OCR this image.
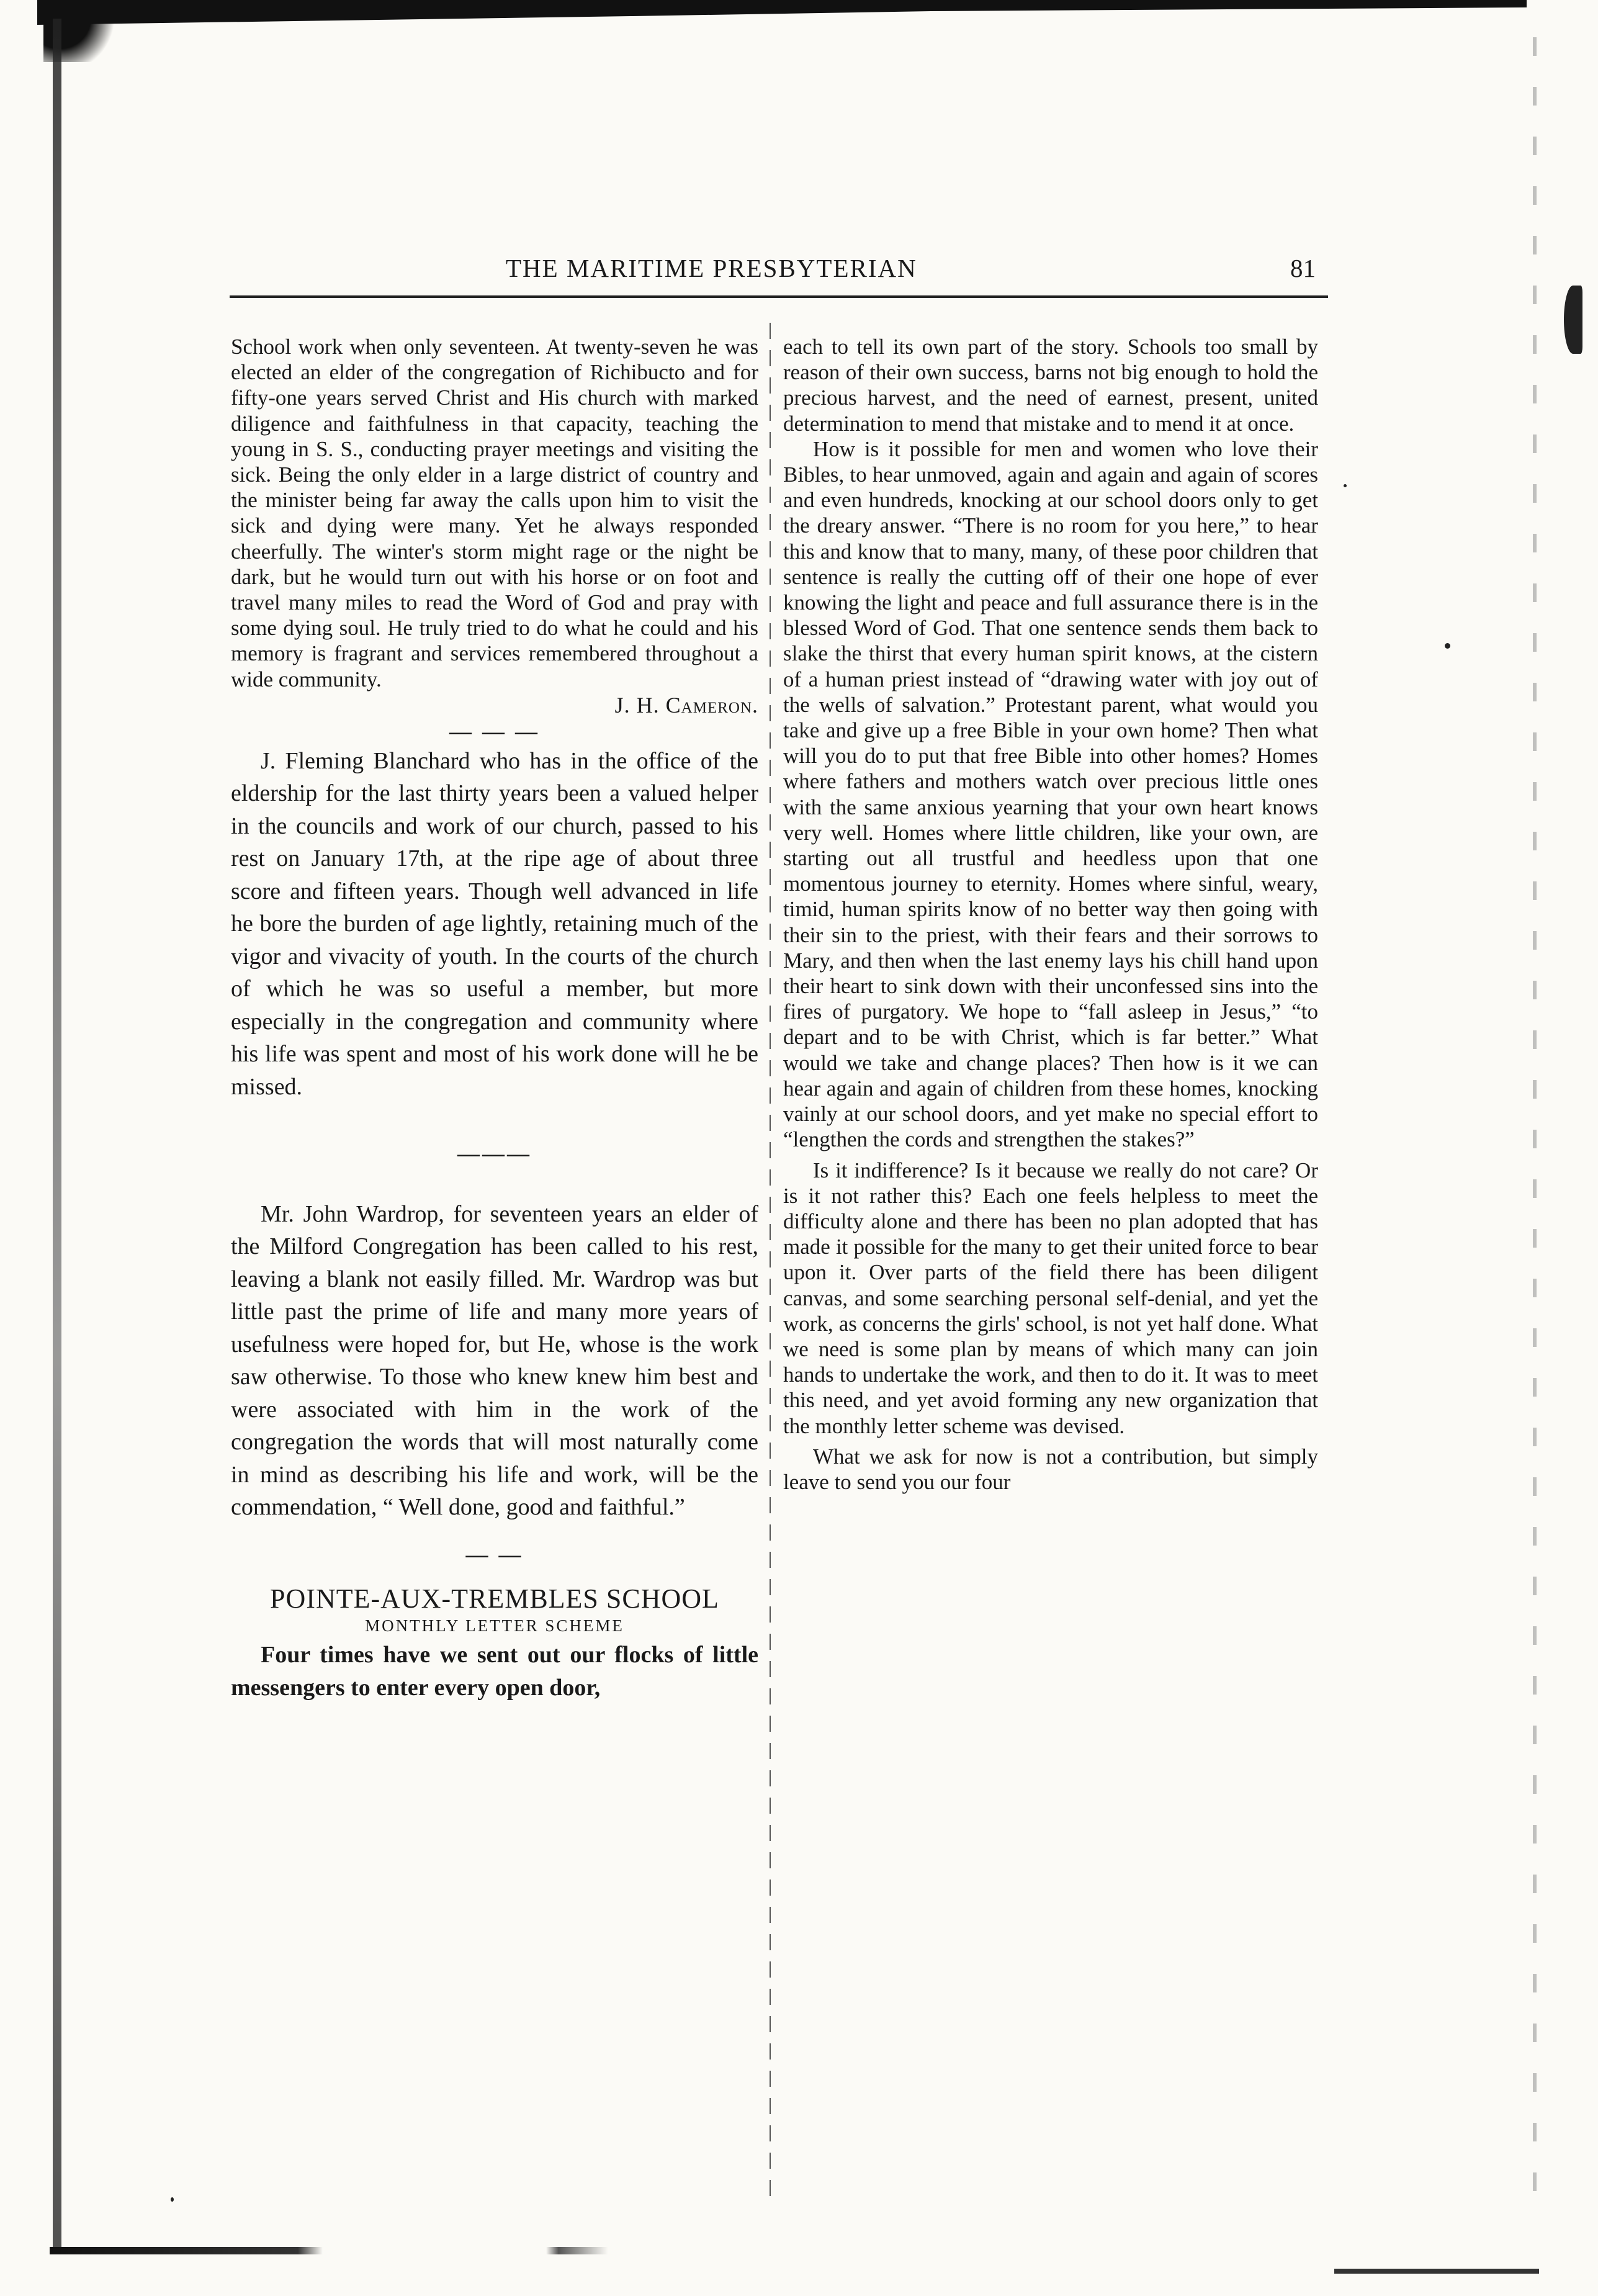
THE MARITIME PRESBYTERIAN	81

School work when only seventeen. At twenty-seven he was elected an elder of the congregation of Richibucto and for fifty-one years served Christ and His church with marked diligence and faithfulness in that capacity, teaching the young in S. S., conducting prayer meetings and visiting the sick. Being the only elder in a large district of country and the minister being far away the calls upon him to visit the sick and dying were many. Yet he always responded cheerfully. The winter's storm might rage or the night be dark, but he would turn out with his horse or on foot and travel many miles to read the Word of God and pray with some dying soul. He truly tried to do what he could and his memory is fragrant and services remembered throughout a wide community.

J. H. Cameron.

— — —

J. Fleming Blanchard who has in the office of the eldership for the last thirty years been a valued helper in the councils and work of our church, passed to his rest on January 17th, at the ripe age of about three score and fifteen years. Though well advanced in life he bore the burden of age lightly, retaining much of the vigor and vivacity of youth. In the courts of the church of which he was so useful a member, but more especially in the congregation and community where his life was spent and most of his work done will he be missed.

———

Mr. John Wardrop, for seventeen years an elder of the Milford Congregation has been called to his rest, leaving a blank not easily filled. Mr. Wardrop was but little past the prime of life and many more years of usefulness were hoped for, but He, whose is the work saw otherwise. To those who knew knew him best and were associated with him in the work of the congregation the words that will most naturally come in mind as describing his life and work, will be the commendation, “ Well done, good and faithful.”

— —

POINTE-AUX-TREMBLES SCHOOL

MONTHLY LETTER SCHEME

Four times have we sent out our flocks of little messengers to enter every open door,

each to tell its own part of the story. Schools too small by reason of their own success, barns not big enough to hold the precious harvest, and the need of earnest, present, united determination to mend that mistake and to mend it at once.

How is it possible for men and women who love their Bibles, to hear unmoved, again and again and again of scores and even hundreds, knocking at our school doors only to get the dreary answer. “There is no room for you here,” to hear this and know that to many, many, of these poor children that sentence is really the cutting off of their one hope of ever knowing the light and peace and full assurance there is in the blessed Word of God. That one sentence sends them back to slake the thirst that every human spirit knows, at the cistern of a human priest instead of “drawing water with joy out of the wells of salvation.” Protestant parent, what would you take and give up a free Bible in your own home? Then what will you do to put that free Bible into other homes? Homes where fathers and mothers watch over precious little ones with the same anxious yearning that your own heart knows very well. Homes where little children, like your own, are starting out all trustful and heedless upon that one momentous journey to eternity. Homes where sinful, weary, timid, human spirits know of no better way then going with their sin to the priest, with their fears and their sorrows to Mary, and then when the last enemy lays his chill hand upon their heart to sink down with their unconfessed sins into the fires of purgatory. We hope to “fall asleep in Jesus,” “to depart and to be with Christ, which is far better.” What would we take and change places? Then how is it we can hear again and again of children from these homes, knocking vainly at our school doors, and yet make no special effort to “lengthen the cords and strengthen the stakes?”

Is it indifference? Is it because we really do not care? Or is it not rather this? Each one feels helpless to meet the difficulty alone and there has been no plan adopted that has made it possible for the many to get their united force to bear upon it. Over parts of the field there has been diligent canvas, and some searching personal self-denial, and yet the work, as concerns the girls' school, is not yet half done. What we need is some plan by means of which many can join hands to undertake the work, and then to do it. It was to meet this need, and yet avoid forming any new organization that the monthly letter scheme was devised.

What we ask for now is not a contribution, but simply leave to send you our four
